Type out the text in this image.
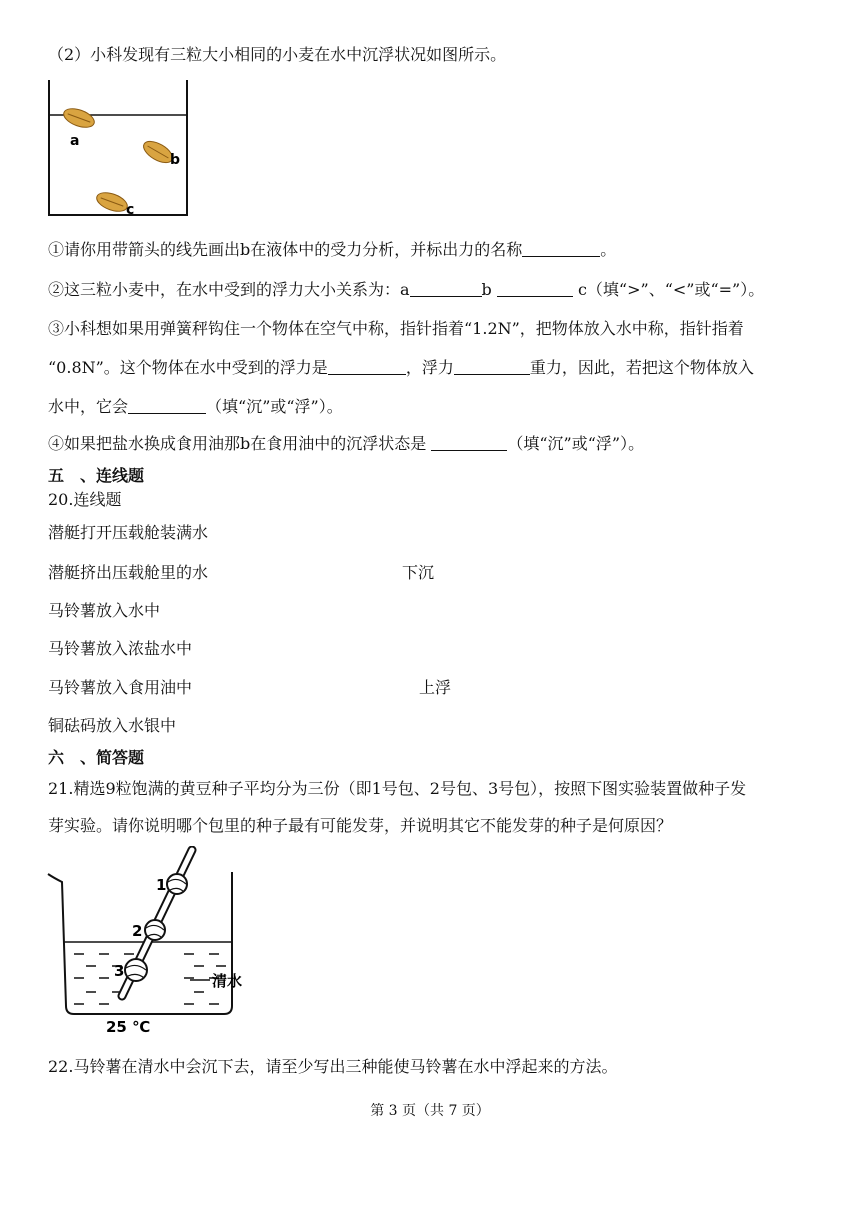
（2）小科发现有三粒大小相同的小麦在水中沉浮状况如图所示。
a
b
c
①请你用带箭头的线先画出b在液体中的受力分析，并标出力的名称	。
②这三粒小麦中，在水中受到的浮力大小关系为：a	b	c（填“>”、“<”或“=”）。
③小科想如果用弹簧秤钩住一个物体在空气中称，指针指着“1.2N”，把物体放入水中称，指针指着
“0.8N”。这个物体在水中受到的浮力是	，浮力	重力，因此，若把这个物体放入
水中，它会	（填“沉”或“浮”）。
④如果把盐水换成食用油那b在食用油中的沉浮状态是	（填“沉”或“浮”）。
五　、连线题
20.连线题
潜艇打开压载舱装满水
潜艇挤出压载舱里的水
马铃薯放入水中
马铃薯放入浓盐水中
马铃薯放入食用油中
铜砝码放入水银中
下沉
上浮
六　、简答题
21.精选9粒饱满的黄豆种子平均分为三份（即1号包、2号包、3号包），按照下图实验装置做种子发
芽实验。请你说明哪个包里的种子最有可能发芽，并说明其它不能发芽的种子是何原因？
1
2
3
清水
25 ℃
22.马铃薯在清水中会沉下去，请至少写出三种能使马铃薯在水中浮起来的方法。
第 3 页（共 7 页）
